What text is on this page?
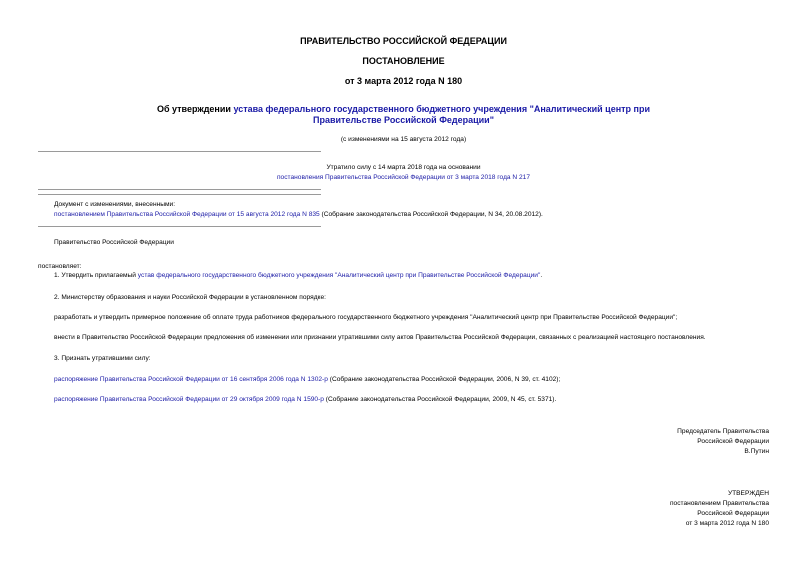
ПРАВИТЕЛЬСТВО РОССИЙСКОЙ ФЕДЕРАЦИИ
ПОСТАНОВЛЕНИЕ
от 3 марта 2012 года N 180
Об утверждении устава федерального государственного бюджетного учреждения "Аналитический центр при
Правительстве Российской Федерации"
(с изменениями на 15 августа 2012 года)
Утратило силу с 14 марта 2018 года на основании
постановления Правительства Российской Федерации от 3 марта 2018 года N 217
Документ с изменениями, внесенными:
постановлением Правительства Российской Федерации от 15 августа 2012 года N 835 (Собрание законодательства Российской Федерации, N 34, 20.08.2012).
Правительство Российской Федерации
постановляет:
1. Утвердить прилагаемый устав федерального государственного бюджетного учреждения "Аналитический центр при Правительстве Российской Федерации".
2. Министерству образования и науки Российской Федерации в установленном порядке:
разработать и утвердить примерное положение об оплате труда работников федерального государственного бюджетного учреждения "Аналитический центр при Правительстве Российской Федерации";
внести в Правительство Российской Федерации предложения об изменении или признании утратившими силу актов Правительства Российской Федерации, связанных с реализацией настоящего постановления.
3. Признать утратившими силу:
распоряжение Правительства Российской Федерации от 16 сентября 2006 года N 1302-р (Собрание законодательства Российской Федерации, 2006, N 39, ст. 4102);
распоряжение Правительства Российской Федерации от 29 октября 2009 года N 1590-р (Собрание законодательства Российской Федерации, 2009, N 45, ст. 5371).
Председатель Правительства
Российской Федерации
В.Путин
УТВЕРЖДЕН
постановлением Правительства
Российской Федерации
от 3 марта 2012 года N 180
